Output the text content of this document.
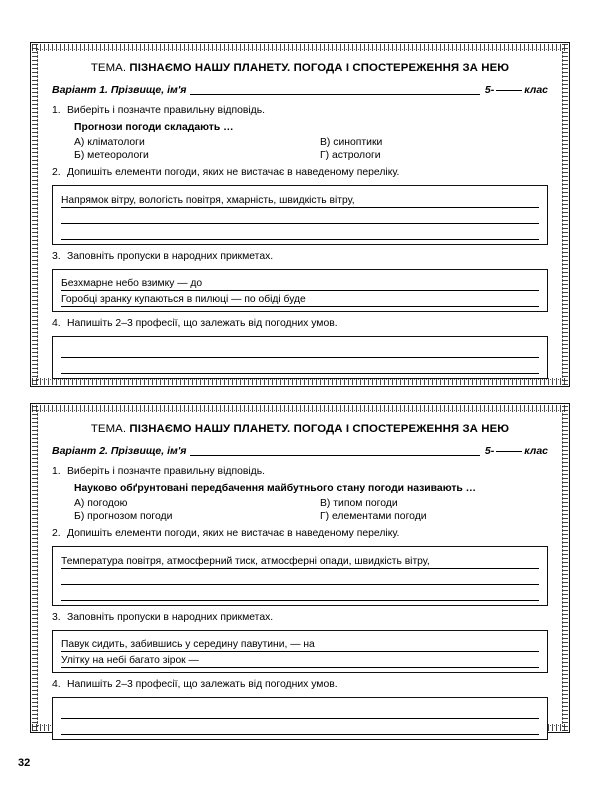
ТЕМА. ПІЗНАЄМО НАШУ ПЛАНЕТУ. ПОГОДА І СПОСТЕРЕЖЕННЯ ЗА НЕЮ
Варіант 1. Прізвище, ім'я	5-	клас
1. Виберіть і позначте правильну відповідь.
Прогнози погоди складають …
А) кліматологи	В) синоптики
Б) метеорологи	Г) астрологи
2. Допишіть елементи погоди, яких не вистачає в наведеному переліку.
Напрямок вітру, вологість повітря, хмарність, швидкість вітру,
3. Заповніть пропуски в народних прикметах.
Безхмарне небо взимку — до
Горобці зранку купаються в пилюці — по обіді буде
4. Напишіть 2–3 професії, що залежать від погодних умов.
ТЕМА. ПІЗНАЄМО НАШУ ПЛАНЕТУ. ПОГОДА І СПОСТЕРЕЖЕННЯ ЗА НЕЮ
Варіант 2. Прізвище, ім'я	5-	клас
1. Виберіть і позначте правильну відповідь.
Науково обґрунтовані передбачення майбутнього стану погоди називають …
А) погодою	В) типом погоди
Б) прогнозом погоди	Г) елементами погоди
2. Допишіть елементи погоди, яких не вистачає в наведеному переліку.
Температура повітря, атмосферний тиск, атмосферні опади, швидкість вітру,
3. Заповніть пропуски в народних прикметах.
Павук сидить, забившись у середину павутини, — на
Улітку на небі багато зірок —
4. Напишіть 2–3 професії, що залежать від погодних умов.
32
